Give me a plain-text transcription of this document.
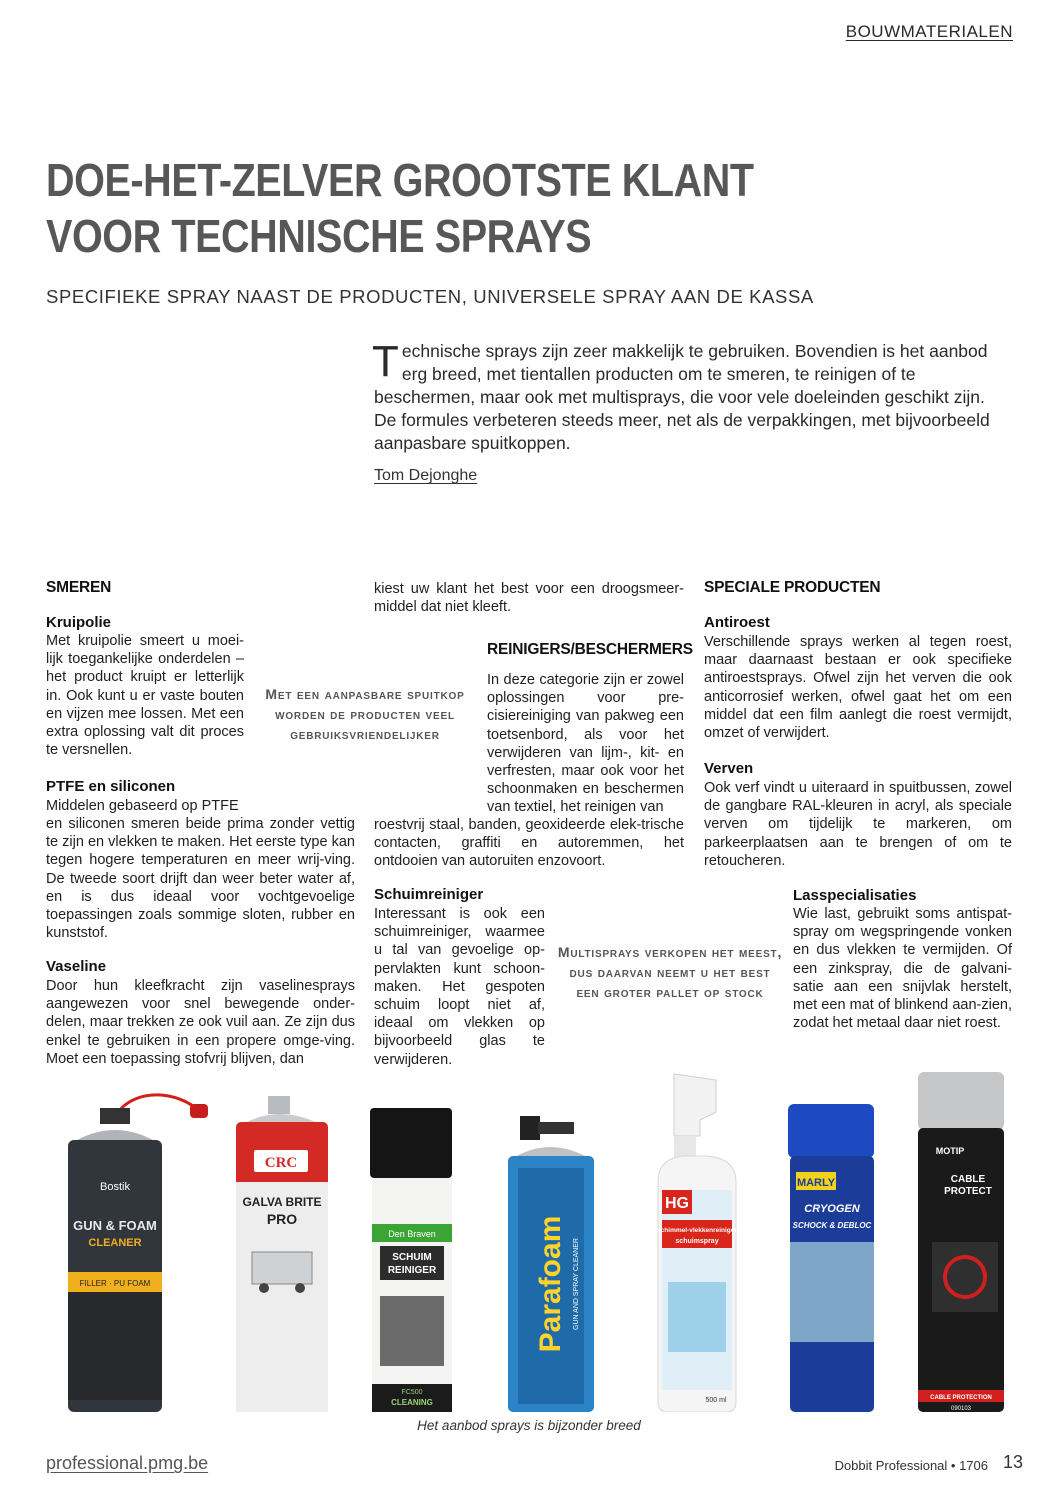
BOUWMATERIALEN
DOE-HET-ZELVER GROOTSTE KLANT
VOOR TECHNISCHE SPRAYS
SPECIFIEKE SPRAY NAAST DE PRODUCTEN, UNIVERSELE SPRAY AAN DE KASSA
Technische sprays zijn zeer makkelijk te gebruiken. Bovendien is het aanbod erg breed, met tientallen producten om te smeren, te reinigen of te beschermen, maar ook met multisprays, die voor vele doeleinden geschikt zijn. De formules verbeteren steeds meer, net als de verpakkingen, met bijvoorbeeld aanpasbare spuitkoppen.
Tom Dejonghe
SMEREN
Kruipolie
Met kruipolie smeert u moei-lijk toegankelijke onderdelen – het product kruipt er letterlijk in. Ook kunt u er vaste bouten en vijzen mee lossen. Met een extra oplossing valt dit proces te versnellen.
PTFE en siliconen
Middelen gebaseerd op PTFE
en siliconen smeren beide prima zonder vettig te zijn en vlekken te maken. Het eerste type kan tegen hogere temperaturen en meer wrij-ving. De tweede soort drijft dan weer beter water af, en is dus ideaal voor vochtgevoelige toepassingen zoals sommige sloten, rubber en kunststof.
Vaseline
Door hun kleefkracht zijn vaselinesprays aangewezen voor snel bewegende onder-delen, maar trekken ze ook vuil aan. Ze zijn dus enkel te gebruiken in een propere omge-ving. Moet een toepassing stofvrij blijven, dan
Met een aanpasbare spuitkop worden de producten veel gebruiksvriendelijker
kiest uw klant het best voor een droogsmeer-middel dat niet kleeft.
REINIGERS/BESCHERMERS
In deze categorie zijn er zowel oplossingen voor pre-cisiereiniging van pakweg een toetsenbord, als voor het verwijderen van lijm-, kit- en verfresten, maar ook voor het schoonmaken en beschermen van textiel, het reinigen van
roestvrij staal, banden, geoxideerde elek-trische contacten, graffiti en autoremmen, het ontdooien van autoruiten enzovoort.
Schuimreiniger
Interessant is ook een schuimreiniger, waarmee u tal van gevoelige op-pervlakten kunt schoon-maken. Het gespoten schuim loopt niet af, ideaal om vlekken op bijvoorbeeld glas te verwijderen.
Multisprays verkopen het meest, dus daarvan neemt u het best een groter pallet op stock
SPECIALE PRODUCTEN
Antiroest
Verschillende sprays werken al tegen roest, maar daarnaast bestaan er ook specifieke antiroestsprays. Ofwel zijn het verven die ook anticorrosief werken, ofwel gaat het om een middel dat een film aanlegt die roest vermijdt, omzet of verwijdert.
Verven
Ook verf vindt u uiteraard in spuitbussen, zowel de gangbare RAL-kleuren in acryl, als speciale verven om tijdelijk te markeren, om parkeerplaatsen aan te brengen of om te retoucheren.
Lasspecialisaties
Wie last, gebruikt soms antispat-spray om wegspringende vonken en dus vlekken te vermijden. Of een zinkspray, die de galvani-satie aan een snijvlak herstelt, met een mat of blinkend aan-zien, zodat het metaal daar niet roest.
Bostik
GUN & FOAM
CLEANER
FILLER · PU FOAM
CRC
GALVA BRITE
PRO
Den Braven
SCHUIM
REINIGER
FC500
CLEANING
Parafoam GUN AND SPRAY CLEANER
HG
schimmel-vlekkenreiniger
schuimspray
500 ml
MARLY
CRYOGEN
SCHOCK & DEBLOC
MOTIP
CABLE
PROTECT
CABLE PROTECTION
090103
Het aanbod sprays is bijzonder breed
professional.pmg.be	Dobbit Professional • 1706 13
